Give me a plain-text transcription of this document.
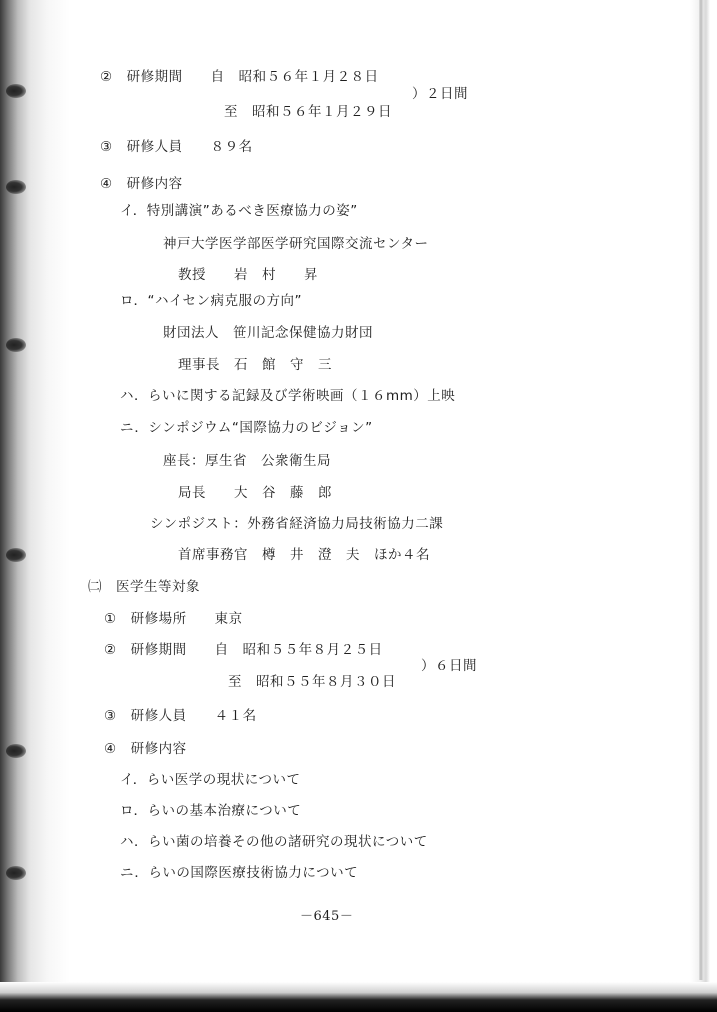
②　研修期間　　自　昭和５６年１月２８日
）２日間
至　昭和５６年１月２９日
③　研修人員　　８９名
④　研修内容
イ．特別講演”あるべき医療協力の姿”
神戸大学医学部医学研究国際交流センター
教授　　岩　村　　昇
ロ．“ハイセン病克服の方向”
財団法人　笹川記念保健協力財団
理事長　石　館　守　三
ハ．らいに関する記録及び学術映画（１６mm）上映
ニ．シンポジウム“国際協力のビジョン”
座長：厚生省　公衆衛生局
局長　　大　谷　藤　郎
シンポジスト：外務省経済協力局技術協力二課
首席事務官　樽　井　澄　夫　ほか４名
㈡　医学生等対象
①　研修場所　　東京
②　研修期間　　自　昭和５５年８月２５日
）６日間
至　昭和５５年８月３０日
③　研修人員　　４１名
④　研修内容
イ．らい医学の現状について
ロ．らいの基本治療について
ハ．らい菌の培養その他の諸研究の現状について
ニ．らいの国際医療技術協力について
－645－
